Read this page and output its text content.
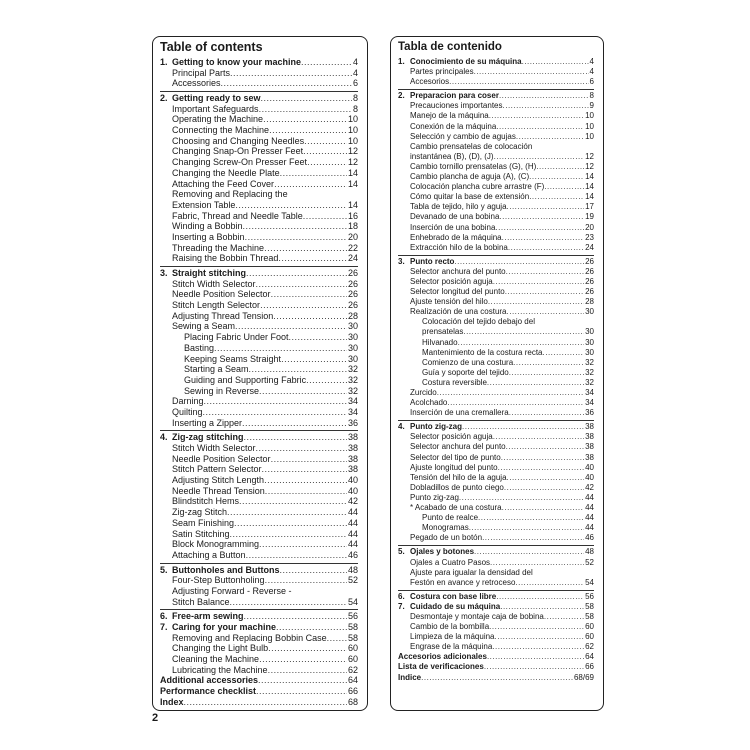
Table of contents
1. Getting to know your machine .....	4
Principal Parts .....	4
Accessories .....	6
2. Getting ready to sew .....	8
Important Safeguards .....	8
Operating the Machine .....	10
Connecting the Machine .....	10
Choosing and Changing Needles .....	10
Changing Snap-On Presser Feet .....	12
Changing Screw-On Presser Feet .....	12
Changing the Needle Plate .....	14
Attaching the Feed Cover .....	14
Removing and Replacing the
Extension Table .....	14
Fabric, Thread and Needle Table .....	16
Winding a Bobbin .....	18
Inserting a Bobbin .....	20
Threading the Machine .....	22
Raising the Bobbin Thread .....	24
3. Straight stitching .....	26
Stitch Width Selector .....	26
Needle Position Selector .....	26
Stitch Length Selector .....	26
Adjusting Thread Tension .....	28
Sewing a Seam .....	30
Placing Fabric Under Foot .....	30
Basting .....	30
Keeping Seams Straight .....	30
Starting a Seam .....	32
Guiding and Supporting Fabric .....	32
Sewing in Reverse .....	32
Darning .....	34
Quilting .....	34
Inserting a Zipper .....	36
4. Zig-zag stitching .....	38
Stitch Width Selector .....	38
Needle Position Selector .....	38
Stitch Pattern Selector .....	38
Adjusting Stitch Length .....	40
Needle Thread Tension .....	40
Blindstitch Hems .....	42
Zig-zag Stitch .....	44
Seam Finishing .....	44
Satin Stitching .....	44
Block Monogramming .....	44
Attaching a Button .....	46
5. Buttonholes and Buttons .....	48
Four-Step Buttonholing .....	52
Adjusting Forward - Reverse -
Stitch Balance .....	54
6. Free-arm sewing .....	56
7. Caring for your machine .....	58
Removing and Replacing Bobbin Case ..... 58
Changing the Light Bulb .....	60
Cleaning the Machine .....	60
Lubricating the Machine .....	62
Additional accessories .....	64
Performance checklist .....	66
Index .....	68
Tabla de contenido
1. Conocimiento de su máquina .....	4
Partes principales .....	4
Accesorios .....	6
2. Preparacion para coser .....	8
Precauciones importantes .....	9
Manejo de la máquina .....	10
Conexión de la máquina .....	10
Selección y cambio de agujas .....	10
Cambio prensatelas de colocación
instantánea (B), (D), (J) .....	12
Cambio tornillo prensatelas (G), (H) .....	12
Cambio plancha de aguja (A), (C) .....	14
Colocación plancha cubre arrastre (F) .....	14
Cómo quitar la base de extensión .....	14
Tabla de tejido, hilo y aguja .....	17
Devanado de una bobina .....	19
Inserción de una bobina .....	20
Enhebrado de la máquina .....	23
Extracción hilo de la bobina .....	24
3. Punto recto .....	26
Selector anchura del punto .....	26
Selector posición aguja .....	26
Selector longitud del punto .....	26
Ajuste tensión del hilo .....	28
Realización de una costura .....	30
Colocación del tejido debajo del
prensatelas .....	30
Hilvanado .....	30
Mantenimiento de la costura recta .....	30
Comienzo de una costura .....	32
Guía y soporte del tejido .....	32
Costura reversible .....	32
Zurcido .....	34
Acolchado .....	34
Inserción de una cremallera .....	36
4. Punto zig-zag .....	38
Selector posición aguja .....	38
Selector anchura del punto .....	38
Selector del tipo de punto .....	38
Ajuste longitud del punto .....	40
Tensión del hilo de la aguja .....	40
Dobladillos de punto ciego .....	42
Punto zig-zag .....	44
* Acabado de una costura .....	44
Punto de realce .....	44
Monogramas .....	44
Pegado de un botón .....	46
5. Ojales y botones .....	48
Ojales a Cuatro Pasos .....	52
Ajuste para igualar la densidad del
Festón en avance y retroceso .....	54
6. Costura con base libre .....	56
7. Cuidado de su máquina .....	58
Desmontaje y montaje caja de bobina .....	58
Cambio de la bombilla .....	60
Limpieza de la máquina .....	60
Engrase de la máquina .....	62
Accesorios adicionales .....	64
Lista de verificaciones .....	66
Indice .....	68/69
2
